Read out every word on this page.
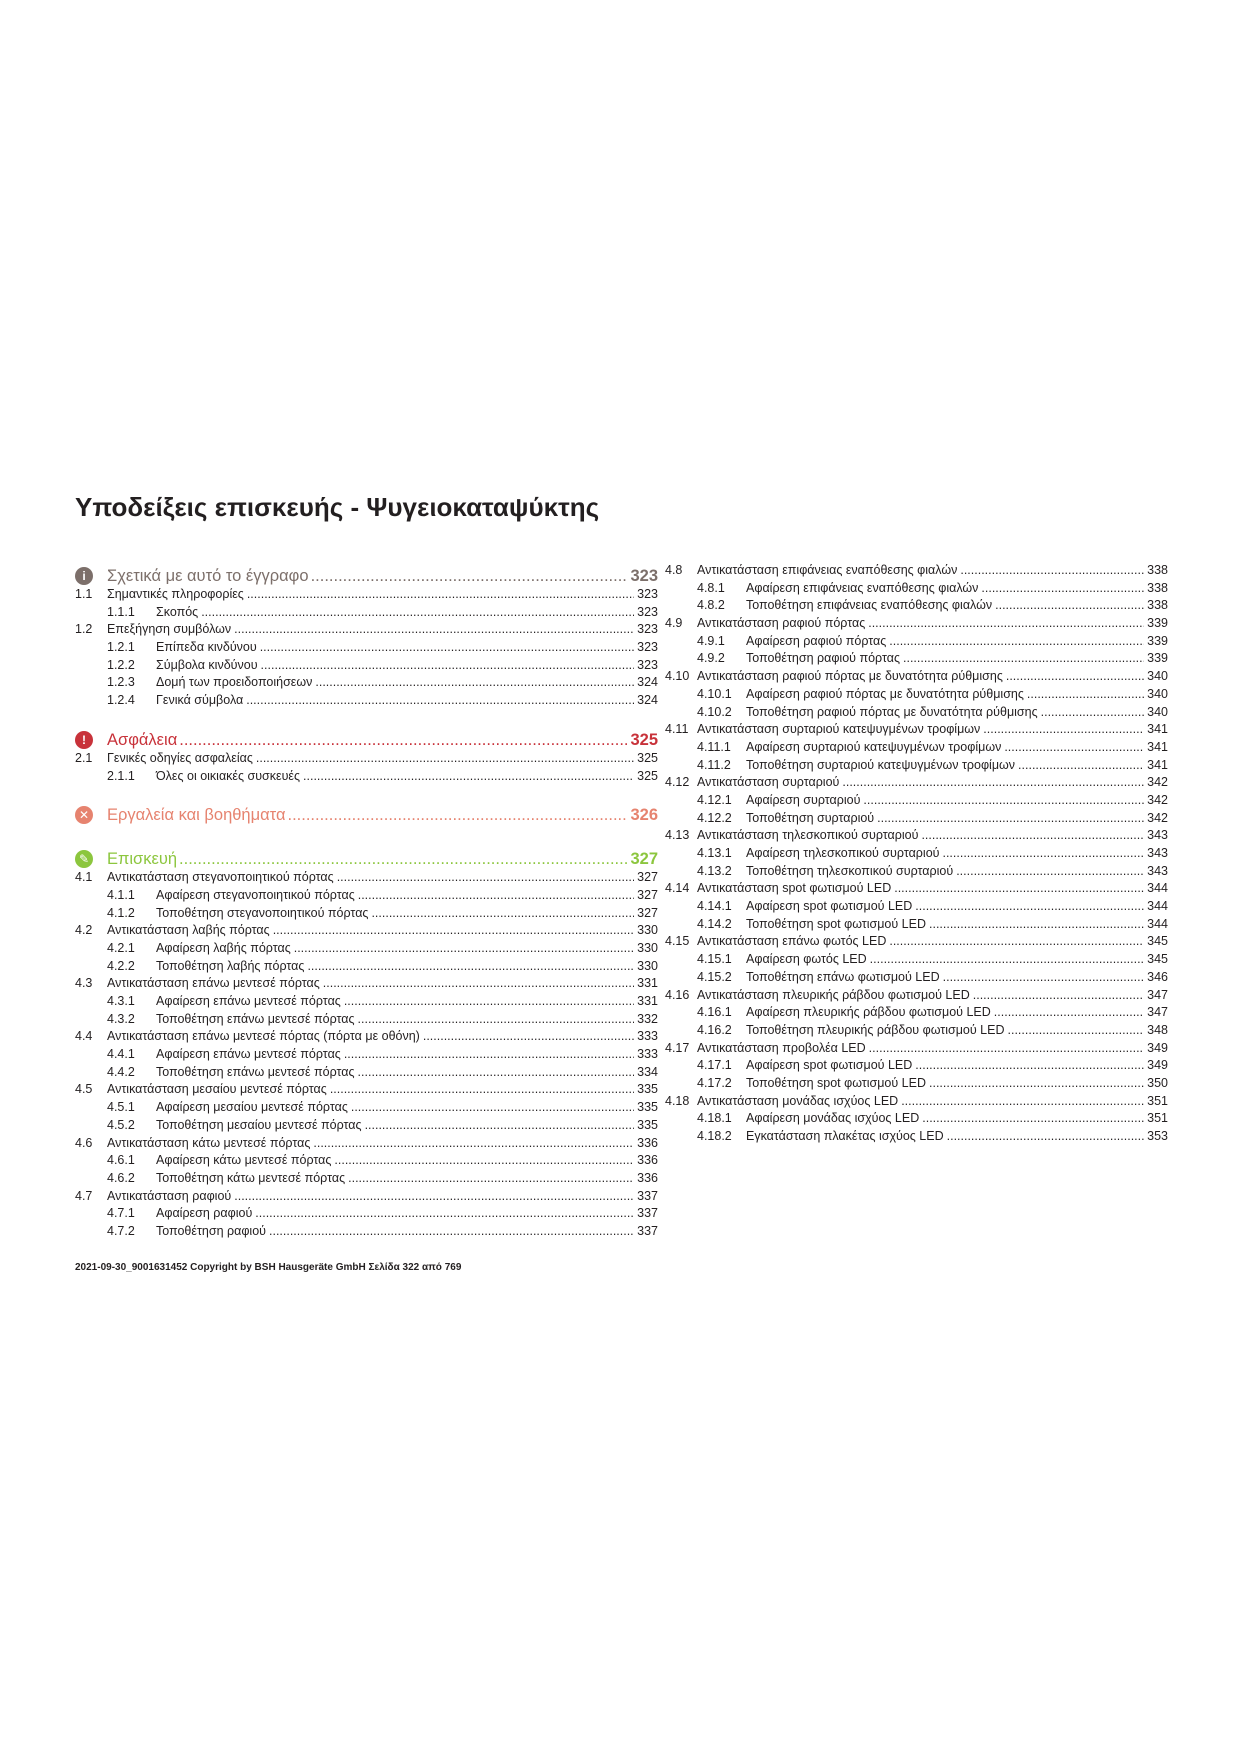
Υποδείξεις επισκευής - Ψυγειοκαταψύκτης
i	Σχετικά με αυτό το έγγραφο .....	323
1.1 Σημαντικές πληροφορίες .....	323
1.1.1 Σκοπός .....	323
1.2 Επεξήγηση συμβόλων .....	323
1.2.1 Επίπεδα κινδύνου .....	323
1.2.2 Σύμβολα κινδύνου .....	323
1.2.3 Δομή των προειδοποιήσεων .....	324
1.2.4 Γενικά σύμβολα .....	324
!	Ασφάλεια .....	325
2.1 Γενικές οδηγίες ασφαλείας .....	325
2.1.1 Όλες οι οικιακές συσκευές .....	325
✕	Εργαλεία και βοηθήματα .....	326
✎	Επισκευή .....	327
4.1 Αντικατάσταση στεγανοποιητικού πόρτας .....	327
4.1.1 Αφαίρεση στεγανοποιητικού πόρτας .....	327
4.1.2 Τοποθέτηση στεγανοποιητικού πόρτας .....	327
4.2 Αντικατάσταση λαβής πόρτας .....	330
4.2.1 Αφαίρεση λαβής πόρτας .....	330
4.2.2 Τοποθέτηση λαβής πόρτας .....	330
4.3 Αντικατάσταση επάνω μεντεσέ πόρτας .....	331
4.3.1 Αφαίρεση επάνω μεντεσέ πόρτας .....	331
4.3.2 Τοποθέτηση επάνω μεντεσέ πόρτας .....	332
4.4 Αντικατάσταση επάνω μεντεσέ πόρτας (πόρτα με οθόνη) .....	333
4.4.1 Αφαίρεση επάνω μεντεσέ πόρτας .....	333
4.4.2 Τοποθέτηση επάνω μεντεσέ πόρτας .....	334
4.5 Αντικατάσταση μεσαίου μεντεσέ πόρτας .....	335
4.5.1 Αφαίρεση μεσαίου μεντεσέ πόρτας .....	335
4.5.2 Τοποθέτηση μεσαίου μεντεσέ πόρτας .....	335
4.6 Αντικατάσταση κάτω μεντεσέ πόρτας .....	336
4.6.1 Αφαίρεση κάτω μεντεσέ πόρτας .....	336
4.6.2 Τοποθέτηση κάτω μεντεσέ πόρτας .....	336
4.7 Αντικατάσταση ραφιού .....	337
4.7.1 Αφαίρεση ραφιού .....	337
4.7.2 Τοποθέτηση ραφιού .....	337
4.8 Αντικατάσταση επιφάνειας εναπόθεσης φιαλών .....	338
4.8.1 Αφαίρεση επιφάνειας εναπόθεσης φιαλών .....	338
4.8.2 Τοποθέτηση επιφάνειας εναπόθεσης φιαλών .....	338
4.9 Αντικατάσταση ραφιού πόρτας .....	339
4.9.1 Αφαίρεση ραφιού πόρτας .....	339
4.9.2 Τοποθέτηση ραφιού πόρτας .....	339
4.10 Αντικατάσταση ραφιού πόρτας με δυνατότητα ρύθμισης .....	340
4.10.1 Αφαίρεση ραφιού πόρτας με δυνατότητα ρύθμισης .....	340
4.10.2 Τοποθέτηση ραφιού πόρτας με δυνατότητα ρύθμισης .....	340
4.11 Αντικατάσταση συρταριού κατεψυγμένων τροφίμων .....	341
4.11.1 Αφαίρεση συρταριού κατεψυγμένων τροφίμων .....	341
4.11.2 Τοποθέτηση συρταριού κατεψυγμένων τροφίμων .....	341
4.12 Αντικατάσταση συρταριού .....	342
4.12.1 Αφαίρεση συρταριού .....	342
4.12.2 Τοποθέτηση συρταριού .....	342
4.13 Αντικατάσταση τηλεσκοπικού συρταριού .....	343
4.13.1 Αφαίρεση τηλεσκοπικού συρταριού .....	343
4.13.2 Τοποθέτηση τηλεσκοπικού συρταριού .....	343
4.14 Αντικατάσταση spot φωτισμού LED .....	344
4.14.1 Αφαίρεση spot φωτισμού LED .....	344
4.14.2 Τοποθέτηση spot φωτισμού LED .....	344
4.15 Αντικατάσταση επάνω φωτός LED .....	345
4.15.1 Αφαίρεση φωτός LED .....	345
4.15.2 Τοποθέτηση επάνω φωτισμού LED .....	346
4.16 Αντικατάσταση πλευρικής ράβδου φωτισμού LED .....	347
4.16.1 Αφαίρεση πλευρικής ράβδου φωτισμού LED .....	347
4.16.2 Τοποθέτηση πλευρικής ράβδου φωτισμού LED .....	348
4.17 Αντικατάσταση προβολέα LED .....	349
4.17.1 Αφαίρεση spot φωτισμού LED .....	349
4.17.2 Τοποθέτηση spot φωτισμού LED .....	350
4.18 Αντικατάσταση μονάδας ισχύος LED .....	351
4.18.1 Αφαίρεση μονάδας ισχύος LED .....	351
4.18.2 Εγκατάσταση πλακέτας ισχύος LED .....	353
2021-09-30_9001631452 Copyright by BSH Hausgeräte GmbH Σελίδα 322 από 769
